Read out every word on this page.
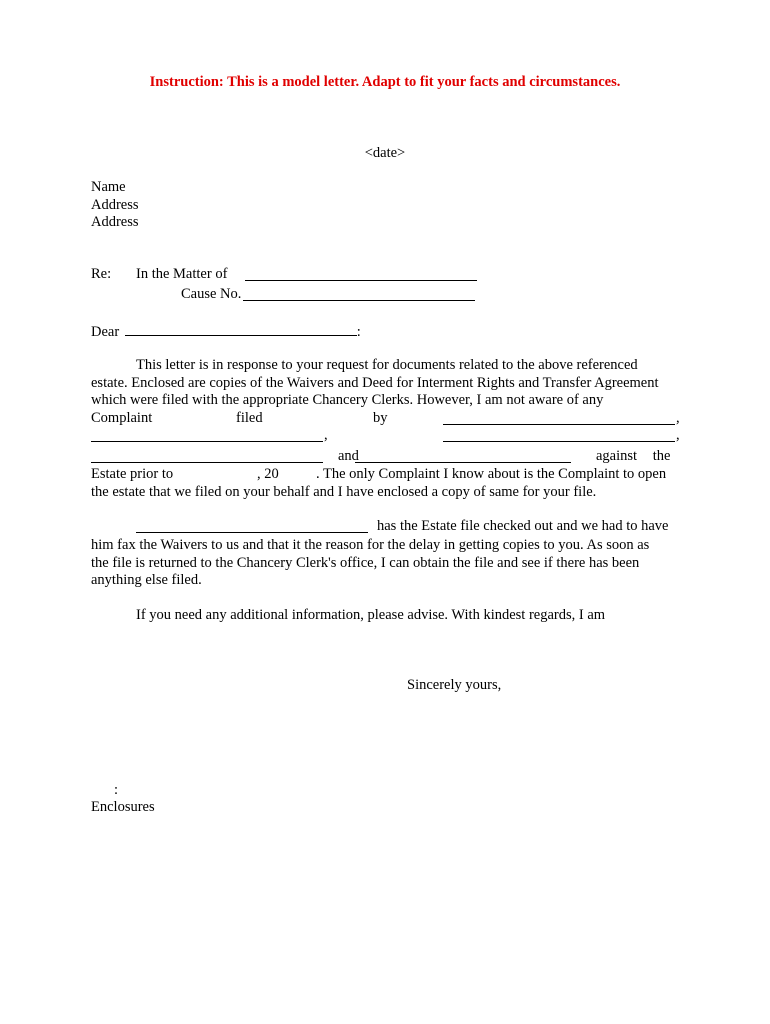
Instruction: This is a model letter. Adapt to fit your facts and circumstances.
<date>
Name
Address
Address
Re: In the Matter of
Cause No.
Dear	:
This letter is in response to your request for documents related to the above referenced
estate. Enclosed are copies of the Waivers and Deed for Interment Rights and Transfer Agreement
which were filed with the appropriate Chancery Clerks. However, I am not aware of any
Complaint	filed	by	,
,	,
and	against the
Estate prior to	, 20	. The only Complaint I know about is the Complaint to open
the estate that we filed on your behalf and I have enclosed a copy of same for your file.
has the Estate file checked out and we had to have
him fax the Waivers to us and that it the reason for the delay in getting copies to you. As soon as
the file is returned to the Chancery Clerk's office, I can obtain the file and see if there has been
anything else filed.
If you need any additional information, please advise. With kindest regards, I am
Sincerely yours,
:
Enclosures
